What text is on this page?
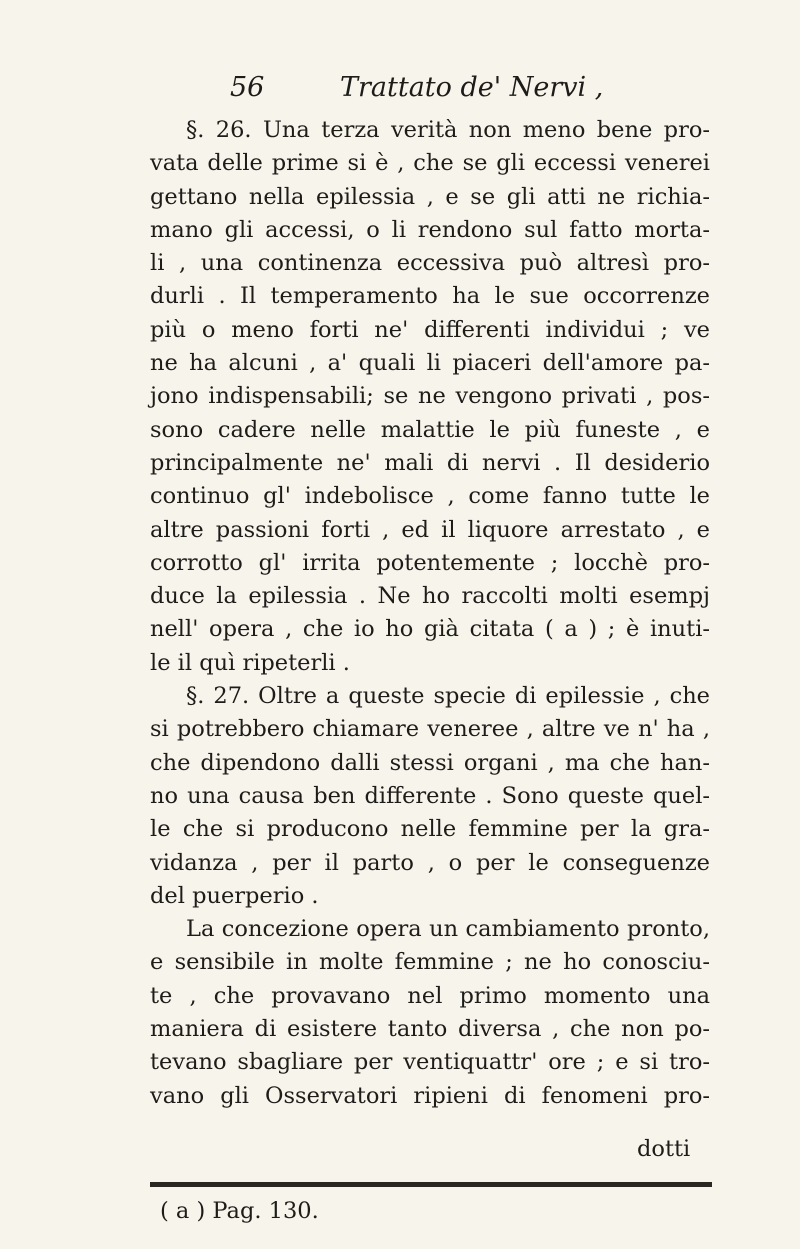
56	Trattato de' Nervi ,
§. 26. Una terza verità non meno bene pro-
vata delle prime si è , che se gli eccessi venerei
gettano nella epilessia , e se gli atti ne richia-
mano gli accessi, o li rendono sul fatto morta-
li , una continenza eccessiva può altresì pro-
durli . Il temperamento ha le sue occorrenze
più o meno forti ne' differenti individui ; ve
ne ha alcuni , a' quali li piaceri dell'amore pa-
jono indispensabili; se ne vengono privati , pos-
sono cadere nelle malattie le più funeste , e
principalmente ne' mali di nervi . Il desiderio
continuo gl' indebolisce , come fanno tutte le
altre passioni forti , ed il liquore arrestato , e
corrotto gl' irrita potentemente ; locchè pro-
duce la epilessia . Ne ho raccolti molti esempj
nell' opera , che io ho già citata ( a ) ; è inuti-
le il quì ripeterli .
§. 27. Oltre a queste specie di epilessie , che
si potrebbero chiamare veneree , altre ve n' ha ,
che dipendono dalli stessi organi , ma che han-
no una causa ben differente . Sono queste quel-
le che si producono nelle femmine per la gra-
vidanza , per il parto , o per le conseguenze
del puerperio .
La concezione opera un cambiamento pronto,
e sensibile in molte femmine ; ne ho conosciu-
te , che provavano nel primo momento una
maniera di esistere tanto diversa , che non po-
tevano sbagliare per ventiquattr' ore ; e si tro-
vano gli Osservatori ripieni di fenomeni pro-
dotti
( a ) Pag. 130.
